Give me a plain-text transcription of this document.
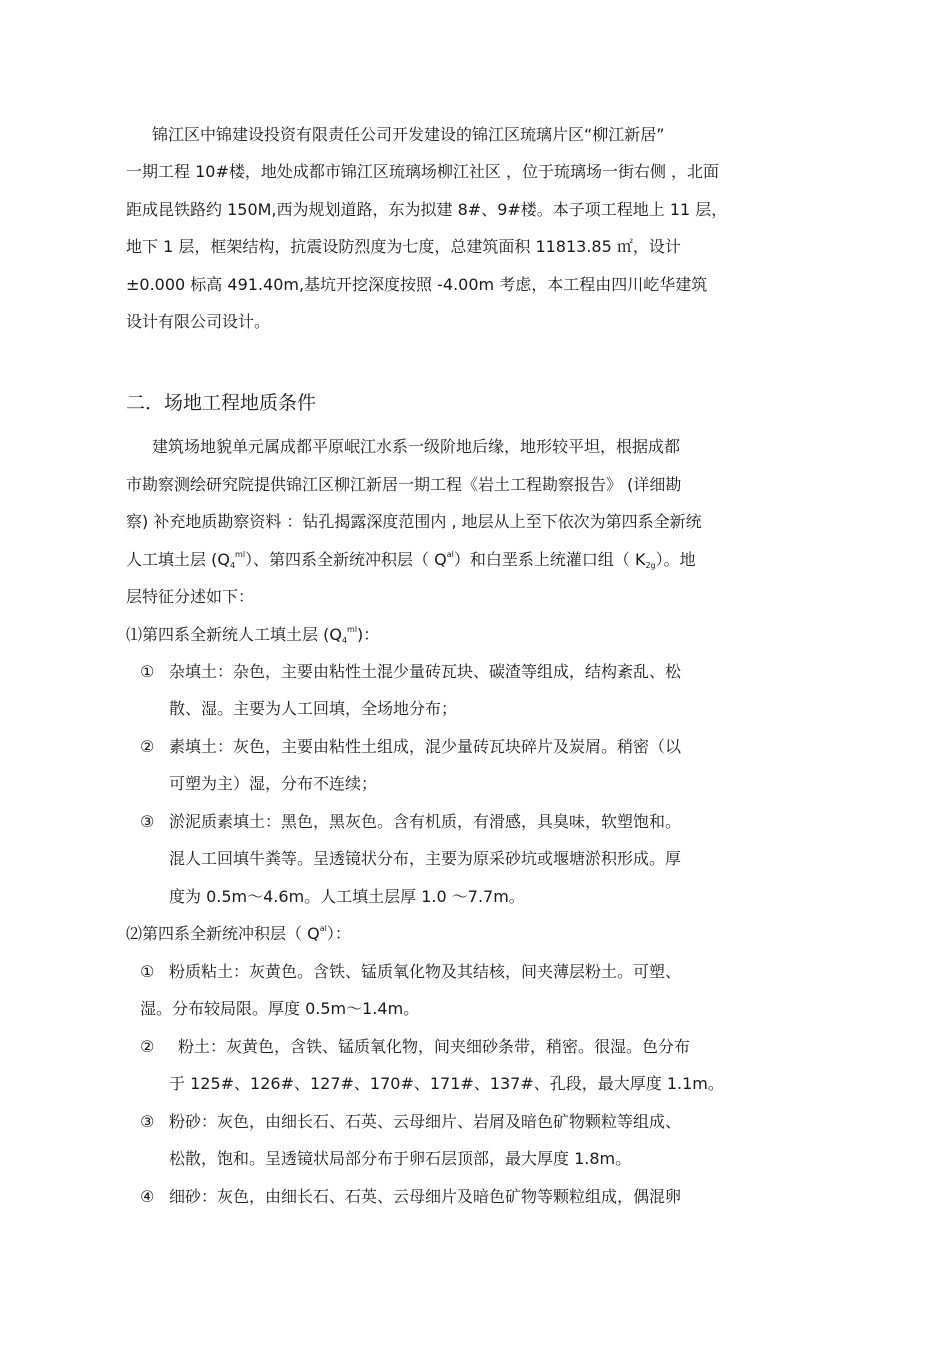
锦江区中锦建设投资有限责任公司开发建设的锦江区琉璃片区“柳江新居”
一期工程 10#楼，地处成都市锦江区琉璃场柳江社区 ，位于琉璃场一街右侧 ，北面
距成昆铁路约 150M,西为规划道路，东为拟建 8#、9#楼。本子项工程地上 11 层，
地下 1 层，框架结构，抗震设防烈度为七度，总建筑面积 11813.85 ㎡，设计
±0.000 标高 491.40m,基坑开挖深度按照 -4.00m 考虑，本工程由四川屹华建筑
设计有限公司设计。
二．场地工程地质条件
建筑场地貌单元属成都平原岷江水系一级阶地后缘，地形较平坦，根据成都
市勘察测绘研究院提供锦江区柳江新居一期工程《岩土工程勘察报告》 (详细勘
察) 补充地质勘察资料 ：钻孔揭露深度范围内 , 地层从上至下依次为第四系全新统
人工填土层 $(Q_4^{ml})$、第四系全新统冲积层（ $Q^{al}$）和白垩系上统灌口组（ $K_{2g}$）。地
层特征分述如下：
⑴第四系全新统人工填土层 $(Q_4^{ml})$：
① 杂填土：杂色，主要由粘性土混少量砖瓦块、碳渣等组成，结构紊乱、松
散、湿。主要为人工回填，全场地分布；
② 素填土：灰色，主要由粘性土组成，混少量砖瓦块碎片及炭屑。稍密（以
可塑为主）湿，分布不连续；
③ 淤泥质素填土：黑色，黑灰色。含有机质，有滑感，具臭味，软塑饱和。
混人工回填牛粪等。呈透镜状分布，主要为原采砂坑或堰塘淤积形成。厚
度为 0.5m～4.6m。人工填土层厚 1.0 ～7.7m。
⑵第四系全新统冲积层（ $Q^{al}$）：
① 粉质粘土：灰黄色。含铁、锰质氧化物及其结核，间夹薄层粉土。可塑、
湿。分布较局限。厚度 0.5m～1.4m。
② 粉土：灰黄色，含铁、锰质氧化物，间夹细砂条带，稍密。很湿。色分布
于 125#、126#、127#、170#、171#、137#、孔段，最大厚度 1.1m。
③ 粉砂：灰色，由细长石、石英、云母细片、岩屑及暗色矿物颗粒等组成、
松散，饱和。呈透镜状局部分布于卵石层顶部，最大厚度 1.8m。
④ 细砂：灰色，由细长石、石英、云母细片及暗色矿物等颗粒组成，偶混卵
